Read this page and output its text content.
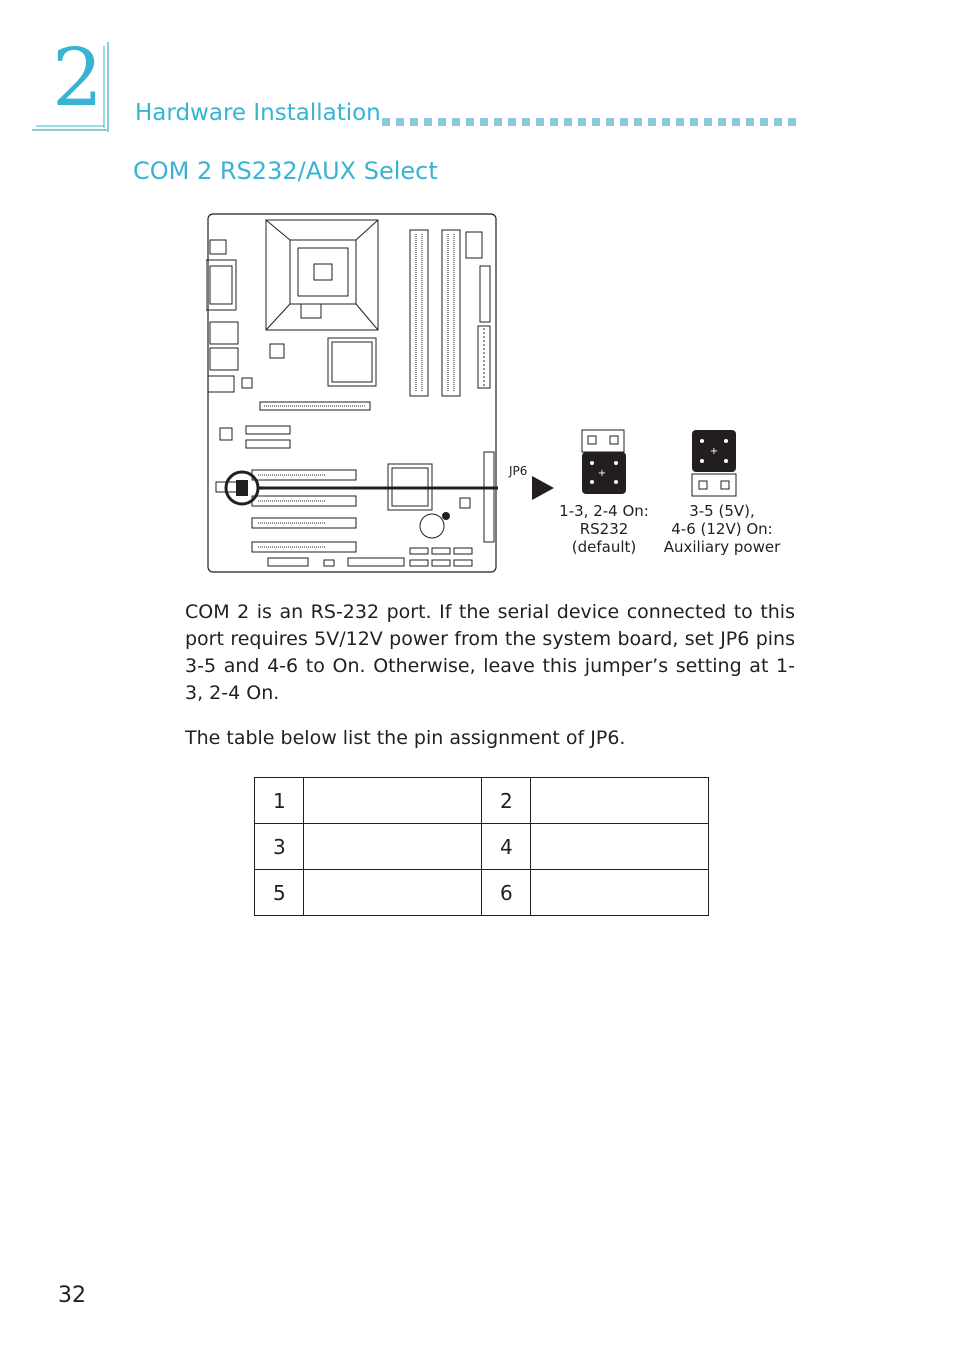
2 Hardware Installation
COM 2 RS232/AUX Select
JP6	+
+
1-3, 2-4 On:
RS232
(default)
3-5 (5V),
4-6 (12V) On:
Auxiliary power
COM 2 is an RS-232 port. If the serial device connected to this port requires 5V/12V power from the system board, set JP6 pins 3-5 and 4-6 to On. Otherwise, leave this jumper’s setting at 1-3, 2-4 On.
The table below list the pin assignment of JP6.
1		2	
3		4	
5		6	
32
